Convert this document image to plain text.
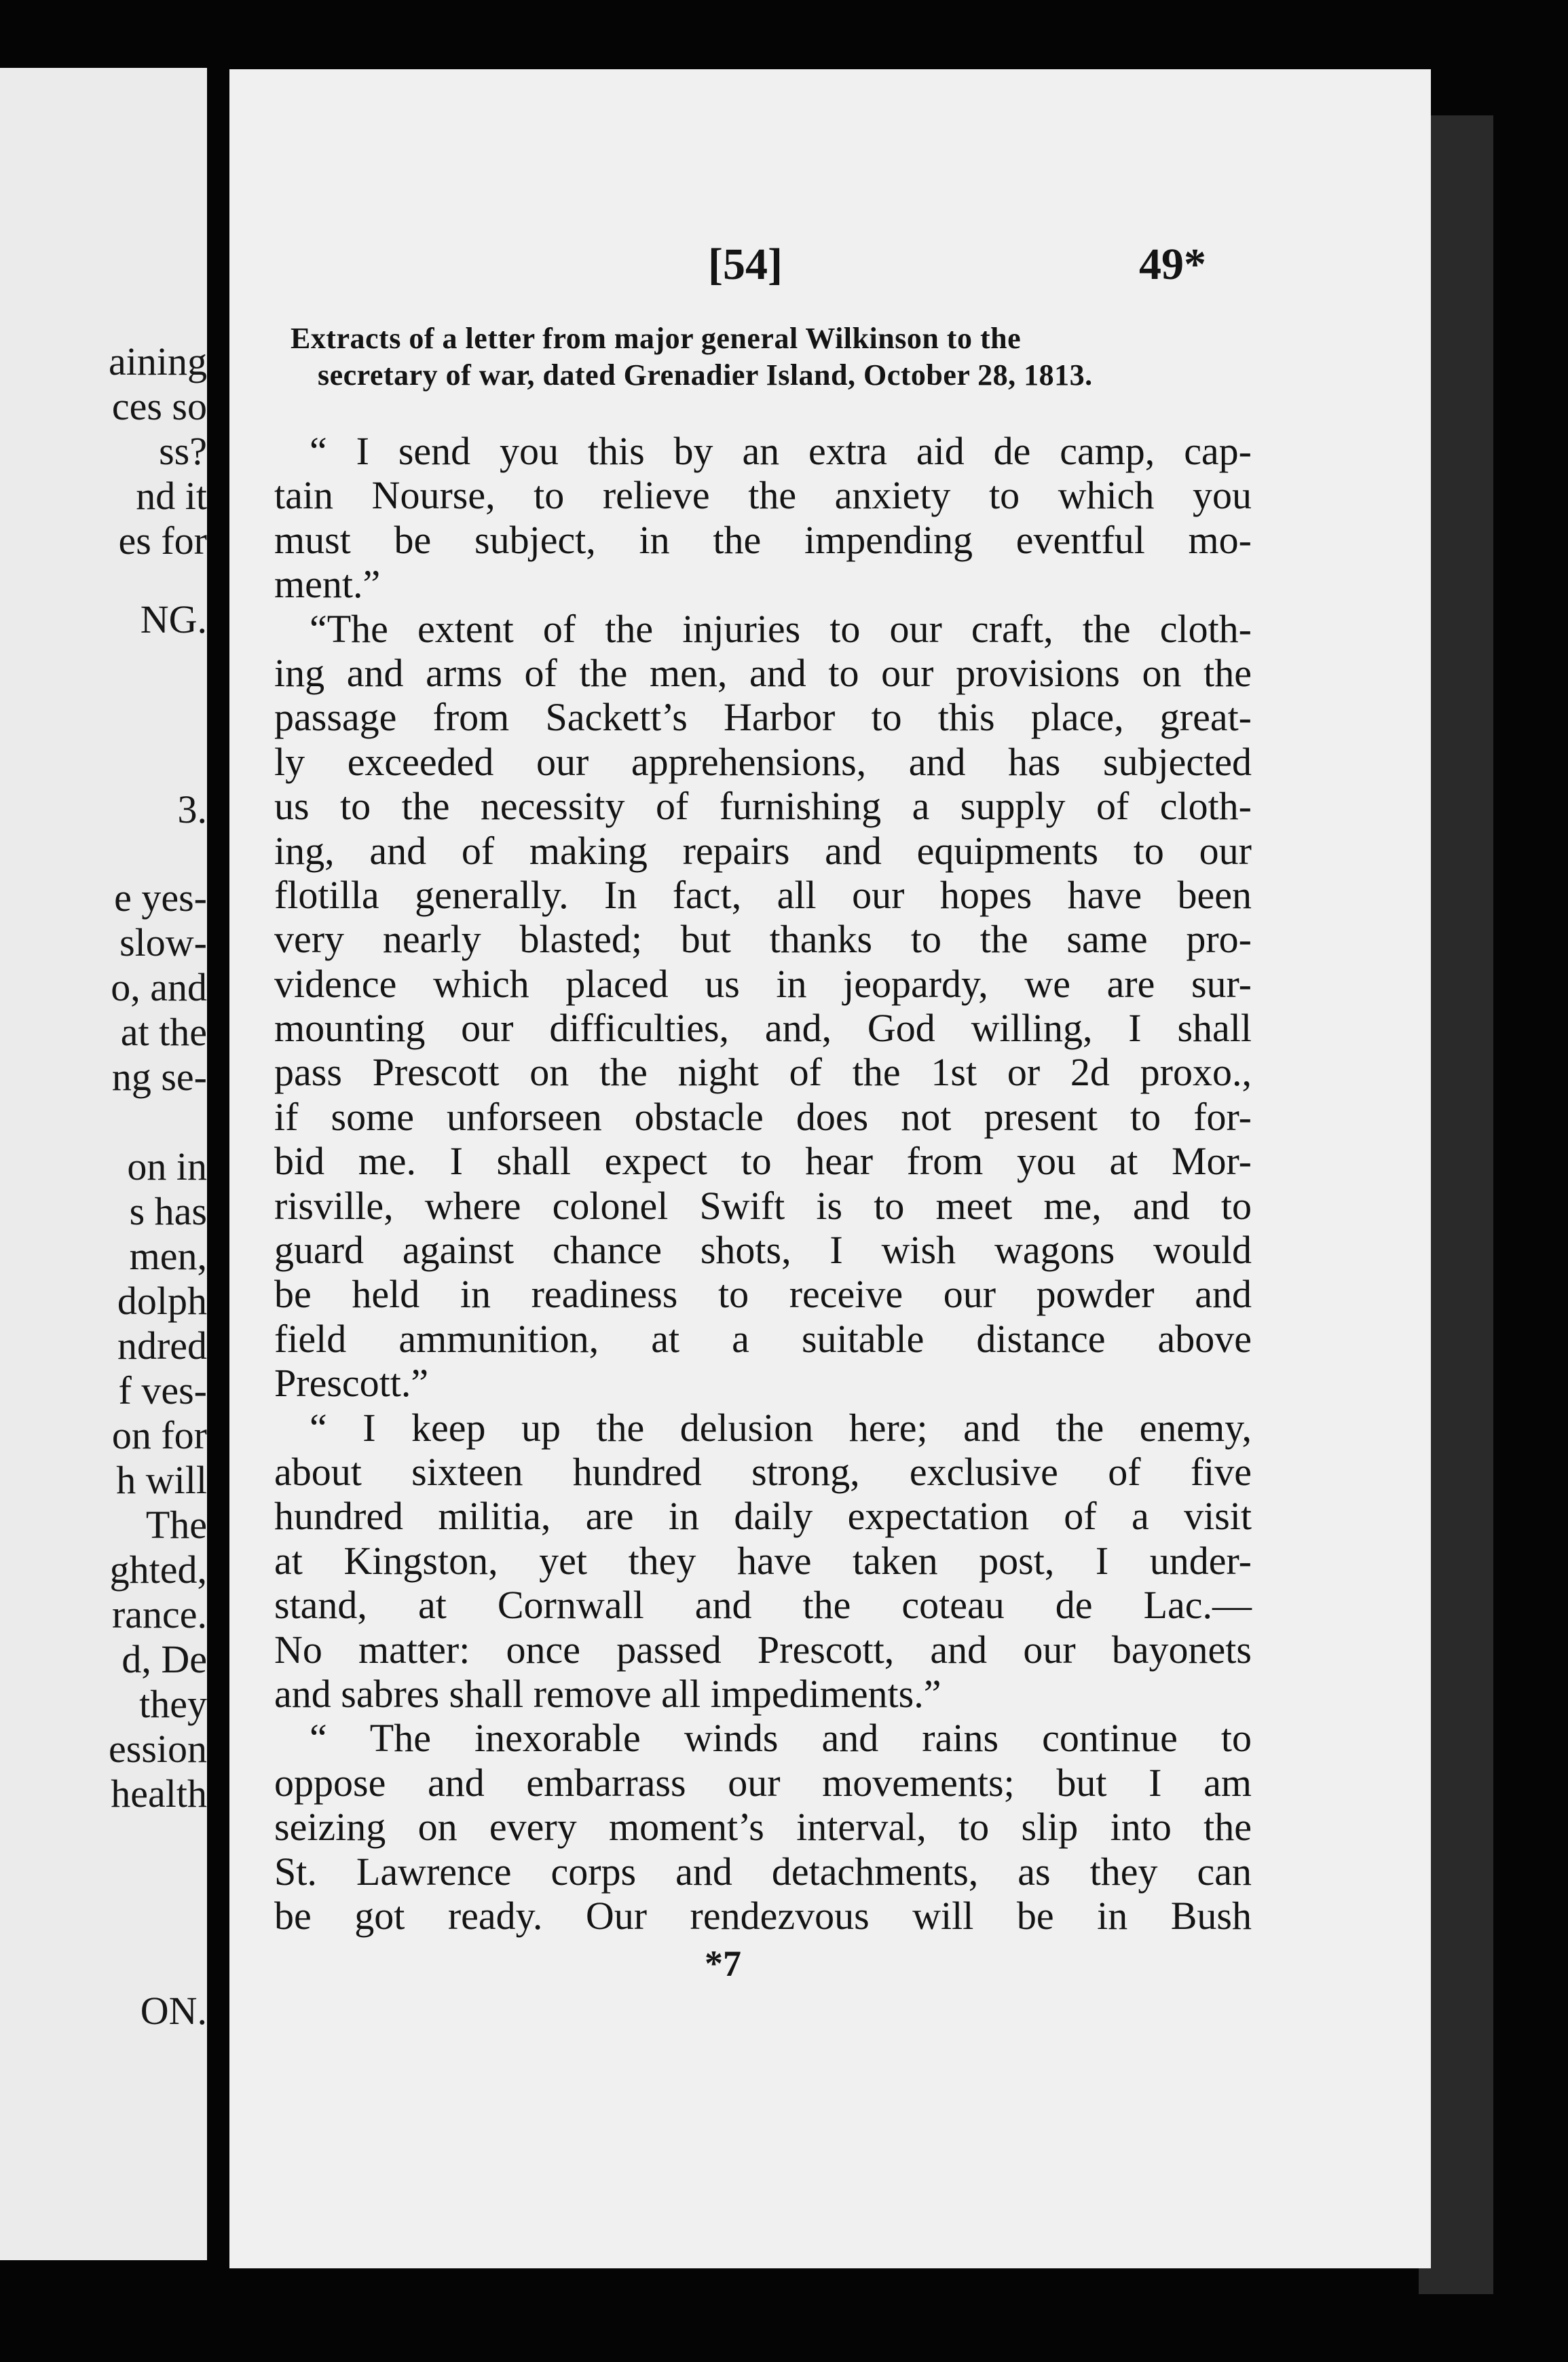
aining
ces so
ss?
nd it
es for
NG.
3.
e yes-
slow-
o, and
at the
ng se-
on in
s has
men,
dolph
ndred
f ves-
on for
h will
The
ghted,
rance.
d, De
they
ession
health
ON.
[54]	49*
Extracts of a letter from major general Wilkinson to the
secretary of war, dated Grenadier Island, October 28, 1813.
“ I send you this by an extra aid de camp, cap-
tain Nourse, to relieve the anxiety to which you
must be subject, in the impending eventful mo-
ment.”
“The extent of the injuries to our craft, the cloth-
ing and arms of the men, and to our provisions on the
passage from Sackett’s Harbor to this place, great-
ly exceeded our apprehensions, and has subjected
us to the necessity of furnishing a supply of cloth-
ing, and of making repairs and equipments to our
flotilla generally. In fact, all our hopes have been
very nearly blasted; but thanks to the same pro-
vidence which placed us in jeopardy, we are sur-
mounting our difficulties, and, God willing, I shall
pass Prescott on the night of the 1st or 2d proxo.,
if some unforseen obstacle does not present to for-
bid me. I shall expect to hear from you at Mor-
risville, where colonel Swift is to meet me, and to
guard against chance shots, I wish wagons would
be held in readiness to receive our powder and
field ammunition, at a suitable distance above
Prescott.”
“ I keep up the delusion here; and the enemy,
about sixteen hundred strong, exclusive of five
hundred militia, are in daily expectation of a visit
at Kingston, yet they have taken post, I under-
stand, at Cornwall and the coteau de Lac.—
No matter: once passed Prescott, and our bayonets
and sabres shall remove all impediments.”
“ The inexorable winds and rains continue to
oppose and embarrass our movements; but I am
seizing on every moment’s interval, to slip into the
St. Lawrence corps and detachments, as they can
be got ready. Our rendezvous will be in Bush
*7
